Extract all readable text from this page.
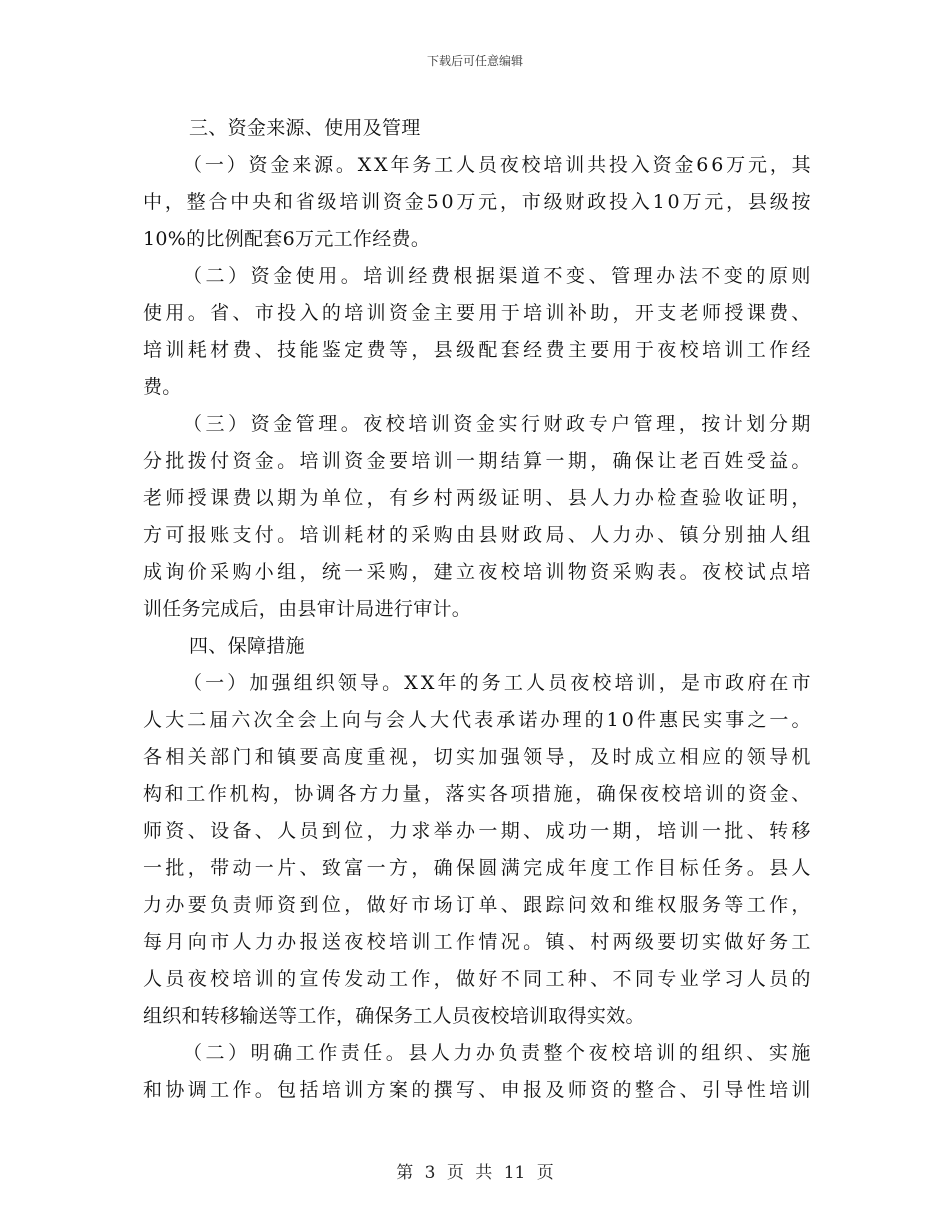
下载后可任意编辑
三、资金来源、使用及管理
（ 一 ） 资 金 来 源 。 X X 年 务 工 人 员 夜 校 培 训 共 投 入 资 金 6 6 万 元 ， 其
中 ， 整 合 中 央 和 省 级 培 训 资 金 5 0 万 元 ， 市 级 财 政 投 入 1 0 万 元 ， 县 级 按
10%的比例配套6万元工作经费。
（ 二 ） 资 金 使 用 。 培 训 经 费 根 据 渠 道 不 变 、 管 理 办 法 不 变 的 原 则
使 用 。 省 、 市 投 入 的 培 训 资 金 主 要 用 于 培 训 补 助 ， 开 支 老 师 授 课 费 、
培 训 耗 材 费 、 技 能 鉴 定 费 等 ， 县 级 配 套 经 费 主 要 用 于 夜 校 培 训 工 作 经
费。
（ 三 ） 资 金 管 理 。 夜 校 培 训 资 金 实 行 财 政 专 户 管 理 ， 按 计 划 分 期
分 批 拨 付 资 金 。 培 训 资 金 要 培 训 一 期 结 算 一 期 ， 确 保 让 老 百 姓 受 益 。
老 师 授 课 费 以 期 为 单 位 ， 有 乡 村 两 级 证 明 、 县 人 力 办 检 查 验 收 证 明 ，
方 可 报 账 支 付 。 培 训 耗 材 的 采 购 由 县 财 政 局 、 人 力 办 、 镇 分 别 抽 人 组
成 询 价 采 购 小 组 ， 统 一 采 购 ， 建 立 夜 校 培 训 物 资 采 购 表 。 夜 校 试 点 培
训任务完成后，由县审计局进行审计。
四、保障措施
（ 一 ） 加 强 组 织 领 导 。 X X 年 的 务 工 人 员 夜 校 培 训 ， 是 市 政 府 在 市
人 大 二 届 六 次 全 会 上 向 与 会 人 大 代 表 承 诺 办 理 的 1 0 件 惠 民 实 事 之 一 。
各 相 关 部 门 和 镇 要 高 度 重 视 ， 切 实 加 强 领 导 ， 及 时 成 立 相 应 的 领 导 机
构 和 工 作 机 构 ， 协 调 各 方 力 量 ， 落 实 各 项 措 施 ， 确 保 夜 校 培 训 的 资 金 、
师 资 、 设 备 、 人 员 到 位 ， 力 求 举 办 一 期 、 成 功 一 期 ， 培 训 一 批 、 转 移
一 批 ， 带 动 一 片 、 致 富 一 方 ， 确 保 圆 满 完 成 年 度 工 作 目 标 任 务 。 县 人
力 办 要 负 责 师 资 到 位 ， 做 好 市 场 订 单 、 跟 踪 问 效 和 维 权 服 务 等 工 作 ，
每 月 向 市 人 力 办 报 送 夜 校 培 训 工 作 情 况 。 镇 、 村 两 级 要 切 实 做 好 务 工
人 员 夜 校 培 训 的 宣 传 发 动 工 作 ， 做 好 不 同 工 种 、 不 同 专 业 学 习 人 员 的
组织和转移输送等工作，确保务工人员夜校培训取得实效。
（ 二 ） 明 确 工 作 责 任 。 县 人 力 办 负 责 整 个 夜 校 培 训 的 组 织 、 实 施
和 协 调 工 作 。 包 括 培 训 方 案 的 撰 写 、 申 报 及 师 资 的 整 合 、 引 导 性 培 训
第 3 页 共 11 页
